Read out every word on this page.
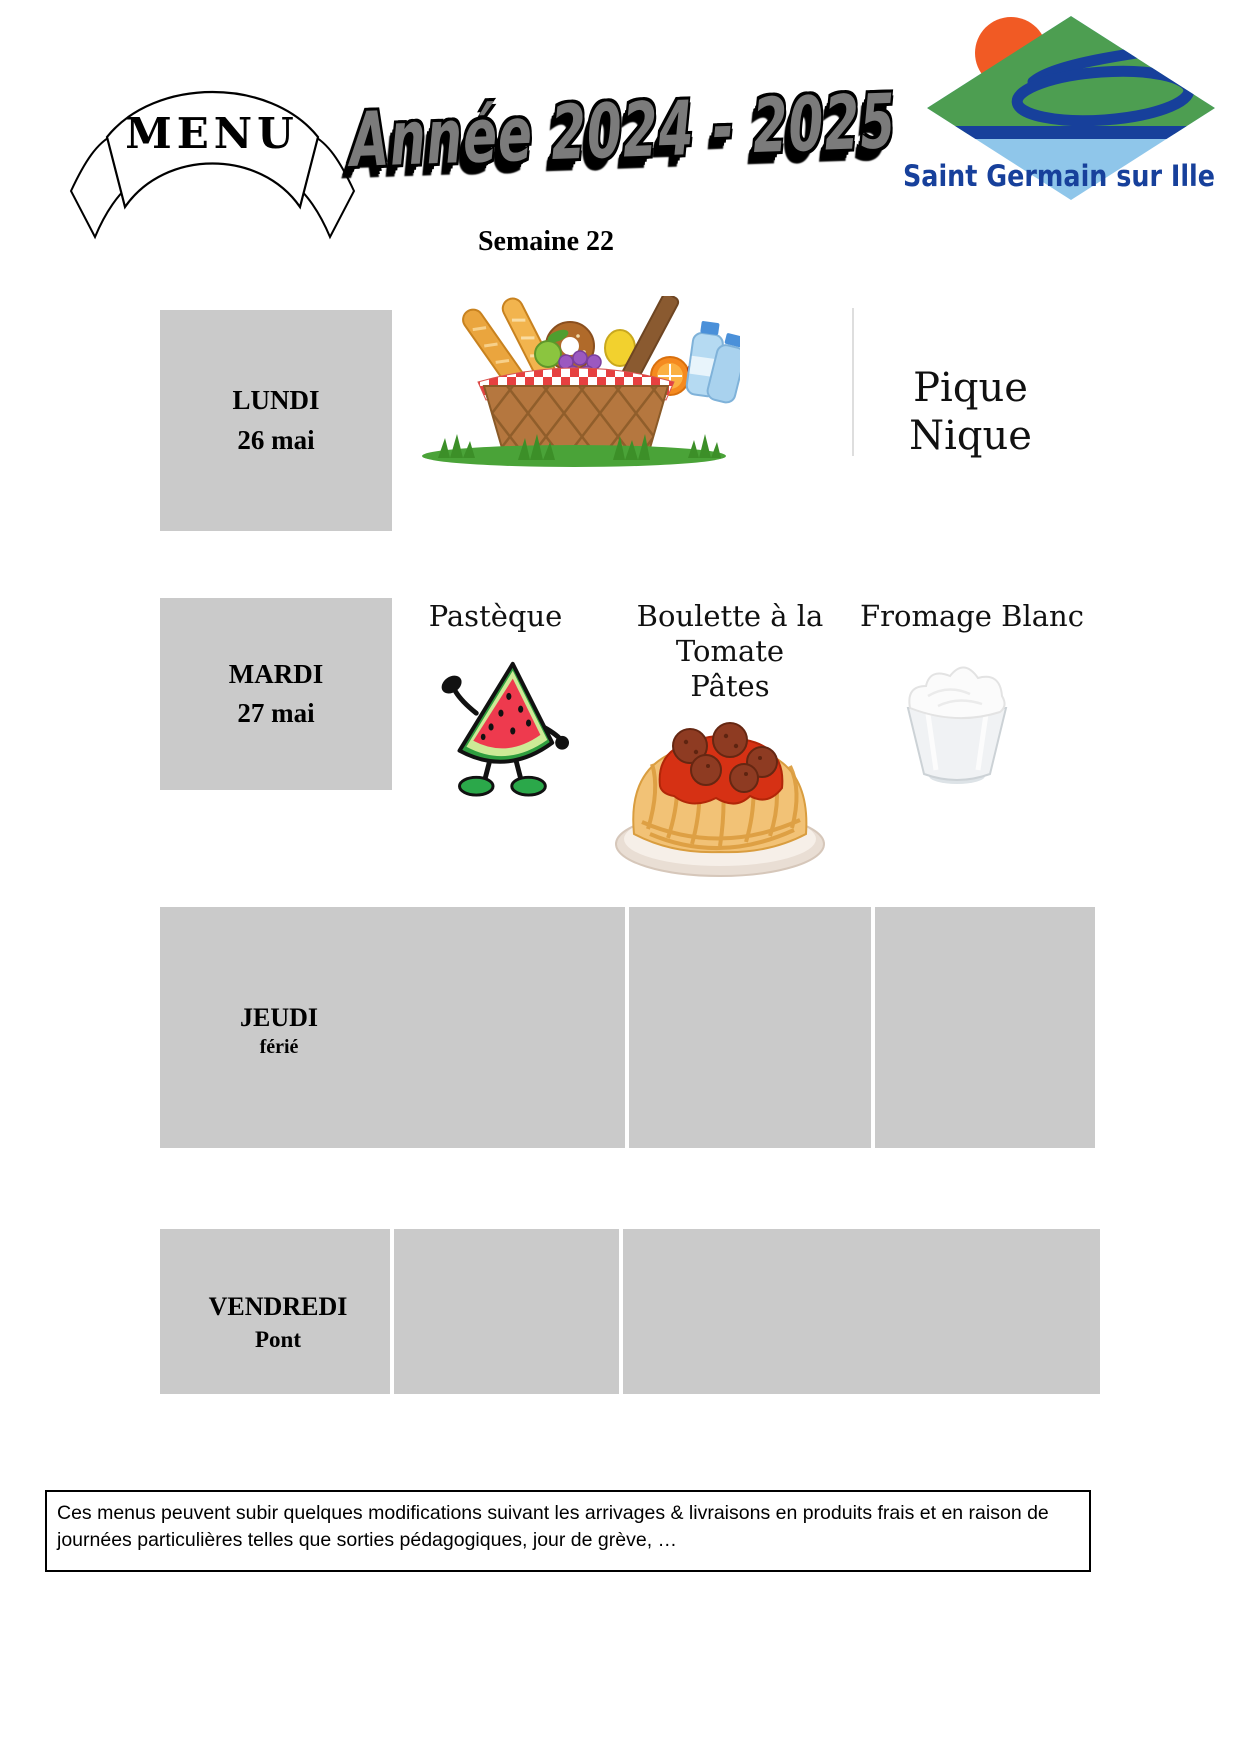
MENU Année 2024 - 2025 Saint Germain sur Ille
Semaine 22
LUNDI
26 mai
Pique Nique
MARDI
27 mai
Pastèque	Boulette à la Tomate
Pâtes
Fromage Blanc
JEUDI
férié
VENDREDI
Pont
Ces menus peuvent subir quelques modifications suivant les arrivages & livraisons en produits frais et en raison de journées particulières telles que sorties pédagogiques, jour de grève, …
